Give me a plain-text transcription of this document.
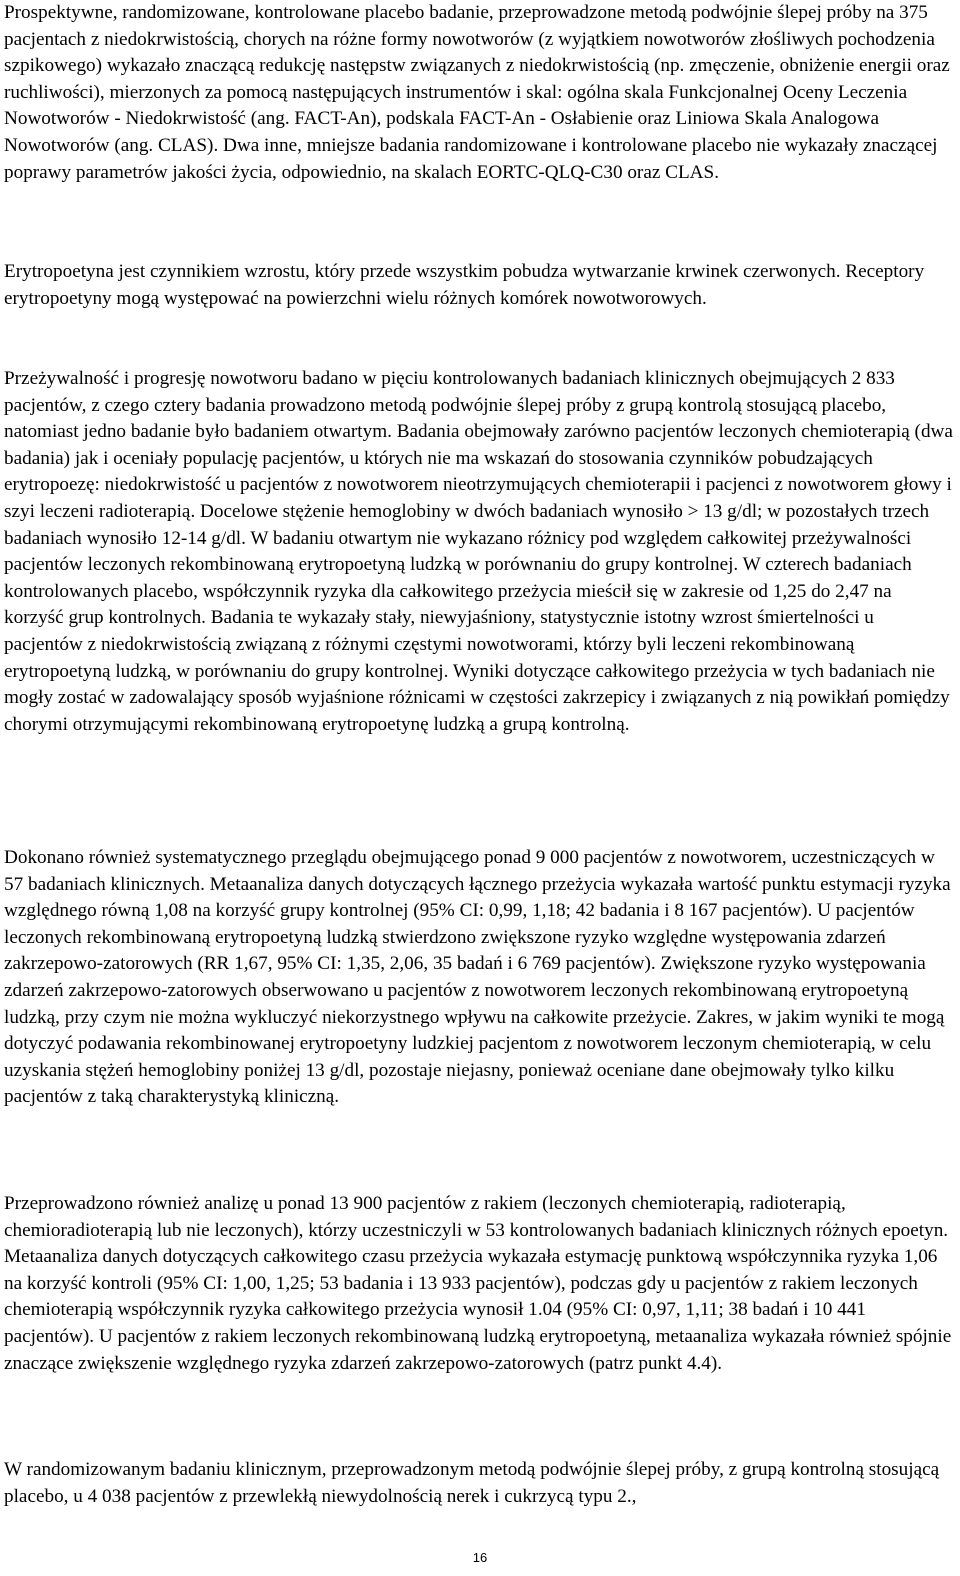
Prospektywne, randomizowane, kontrolowane placebo badanie, przeprowadzone metodą podwójnie ślepej próby na 375 pacjentach z niedokrwistością, chorych na różne formy nowotworów (z wyjątkiem nowotworów złośliwych pochodzenia szpikowego) wykazało znaczącą redukcję następstw związanych z niedokrwistością (np. zmęczenie, obniżenie energii oraz ruchliwości), mierzonych za pomocą następujących instrumentów i skal: ogólna skala Funkcjonalnej Oceny Leczenia Nowotworów - Niedokrwistość (ang. FACT-An), podskala FACT-An - Osłabienie oraz Liniowa Skala Analogowa Nowotworów (ang. CLAS). Dwa inne, mniejsze badania randomizowane i kontrolowane placebo nie wykazały znaczącej poprawy parametrów jakości życia, odpowiednio, na skalach EORTC-QLQ-C30 oraz CLAS.

Erytropoetyna jest czynnikiem wzrostu, który przede wszystkim pobudza wytwarzanie krwinek czerwonych. Receptory erytropoetyny mogą występować na powierzchni wielu różnych komórek nowotworowych.

Przeżywalność i progresję nowotworu badano w pięciu kontrolowanych badaniach klinicznych obejmujących 2 833 pacjentów, z czego cztery badania prowadzono metodą podwójnie ślepej próby z grupą kontrolą stosującą placebo, natomiast jedno badanie było badaniem otwartym. Badania obejmowały zarówno pacjentów leczonych chemioterapią (dwa badania) jak i oceniały populację pacjentów, u których nie ma wskazań do stosowania czynników pobudzających erytropoezę: niedokrwistość u pacjentów z nowotworem nieotrzymujących chemioterapii i pacjenci z nowotworem głowy i szyi leczeni radioterapią. Docelowe stężenie hemoglobiny w dwóch badaniach wynosiło > 13 g/dl; w pozostałych trzech badaniach wynosiło 12-14 g/dl. W badaniu otwartym nie wykazano różnicy pod względem całkowitej przeżywalności pacjentów leczonych rekombinowaną erytropoetyną ludzką w porównaniu do grupy kontrolnej. W czterech badaniach kontrolowanych placebo, współczynnik ryzyka dla całkowitego przeżycia mieścił się w zakresie od 1,25 do 2,47 na korzyść grup kontrolnych. Badania te wykazały stały, niewyjaśniony, statystycznie istotny wzrost śmiertelności u pacjentów z niedokrwistością związaną z różnymi częstymi nowotworami, którzy byli leczeni rekombinowaną erytropoetyną ludzką, w porównaniu do grupy kontrolnej. Wyniki dotyczące całkowitego przeżycia w tych badaniach nie mogły zostać w zadowalający sposób wyjaśnione różnicami w częstości zakrzepicy i związanych z nią powikłań pomiędzy chorymi otrzymującymi rekombinowaną erytropoetynę ludzką a grupą kontrolną.

Dokonano również systematycznego przeglądu obejmującego ponad 9 000 pacjentów z nowotworem, uczestniczących w 57 badaniach klinicznych. Metaanaliza danych dotyczących łącznego przeżycia wykazała wartość punktu estymacji ryzyka względnego równą 1,08 na korzyść grupy kontrolnej (95% CI: 0,99, 1,18; 42 badania i 8 167 pacjentów). U pacjentów leczonych rekombinowaną erytropoetyną ludzką stwierdzono zwiększone ryzyko względne występowania zdarzeń zakrzepowo-zatorowych (RR 1,67, 95% CI: 1,35, 2,06, 35 badań i 6 769 pacjentów). Zwiększone ryzyko występowania zdarzeń zakrzepowo-zatorowych obserwowano u pacjentów z nowotworem leczonych rekombinowaną erytropoetyną ludzką, przy czym nie można wykluczyć niekorzystnego wpływu na całkowite przeżycie. Zakres, w jakim wyniki te mogą dotyczyć podawania rekombinowanej erytropoetyny ludzkiej pacjentom z nowotworem leczonym chemioterapią, w celu uzyskania stężeń hemoglobiny poniżej 13 g/dl, pozostaje niejasny, ponieważ oceniane dane obejmowały tylko kilku pacjentów z taką charakterystyką kliniczną.

Przeprowadzono również analizę u ponad 13 900 pacjentów z rakiem (leczonych chemioterapią, radioterapią, chemioradioterapią lub nie leczonych), którzy uczestniczyli w 53 kontrolowanych badaniach klinicznych różnych epoetyn. Metaanaliza danych dotyczących całkowitego czasu przeżycia wykazała estymację punktową współczynnika ryzyka 1,06 na korzyść kontroli (95% CI: 1,00, 1,25; 53 badania i 13 933 pacjentów), podczas gdy u pacjentów z rakiem leczonych chemioterapią współczynnik ryzyka całkowitego przeżycia wynosił 1.04 (95% CI: 0,97, 1,11; 38 badań i 10 441 pacjentów). U pacjentów z rakiem leczonych rekombinowaną ludzką erytropoetyną, metaanaliza wykazała również spójnie znaczące zwiększenie względnego ryzyka zdarzeń zakrzepowo-zatorowych (patrz punkt 4.4).

W randomizowanym badaniu klinicznym, przeprowadzonym metodą podwójnie ślepej próby, z grupą kontrolną stosującą placebo, u 4 038 pacjentów z przewlekłą niewydolnością nerek i cukrzycą typu 2.,

16
